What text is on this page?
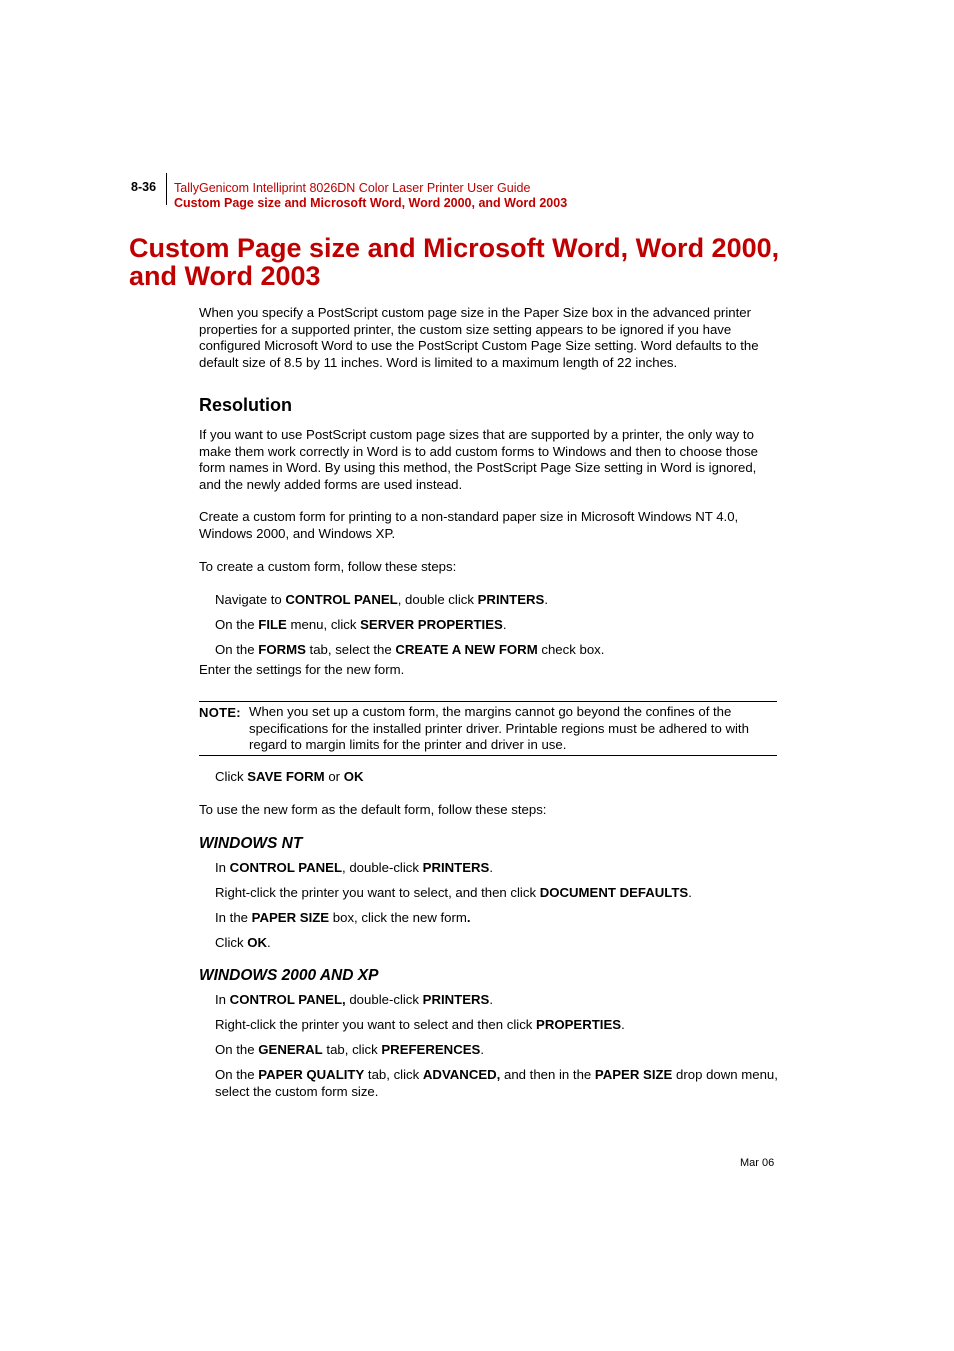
8-36 TallyGenicom Intelliprint 8026DN Color Laser Printer User Guide
Custom Page size and Microsoft Word, Word 2000, and Word 2003
Custom Page size and Microsoft Word, Word 2000, and Word 2003

When you specify a PostScript custom page size in the Paper Size box in the advanced printer properties for a supported printer, the custom size setting appears to be ignored if you have configured Microsoft Word to use the PostScript Custom Page Size setting. Word defaults to the default size of 8.5 by 11 inches. Word is limited to a maximum length of 22 inches.

Resolution

If you want to use PostScript custom page sizes that are supported by a printer, the only way to make them work correctly in Word is to add custom forms to Windows and then to choose those form names in Word. By using this method, the PostScript Page Size setting in Word is ignored, and the newly added forms are used instead.

Create a custom form for printing to a non-standard paper size in Microsoft Windows NT 4.0, Windows 2000, and Windows XP.

To create a custom form, follow these steps:

Navigate to CONTROL PANEL, double click PRINTERS.

On the FILE menu, click SERVER PROPERTIES.

On the FORMS tab, select the CREATE A NEW FORM check box.

Enter the settings for the new form.

NOTE: When you set up a custom form, the margins cannot go beyond the confines of the specifications for the installed printer driver. Printable regions must be adhered to with regard to margin limits for the printer and driver in use.

Click SAVE FORM or OK

To use the new form as the default form, follow these steps:

WINDOWS NT

In CONTROL PANEL, double-click PRINTERS.

Right-click the printer you want to select, and then click DOCUMENT DEFAULTS.

In the PAPER SIZE box, click the new form.

Click OK.

WINDOWS 2000 AND XP

In CONTROL PANEL, double-click PRINTERS.

Right-click the printer you want to select and then click PROPERTIES.

On the GENERAL tab, click PREFERENCES.

On the PAPER QUALITY tab, click ADVANCED, and then in the PAPER SIZE drop down menu, select the custom form size.

Mar 06
